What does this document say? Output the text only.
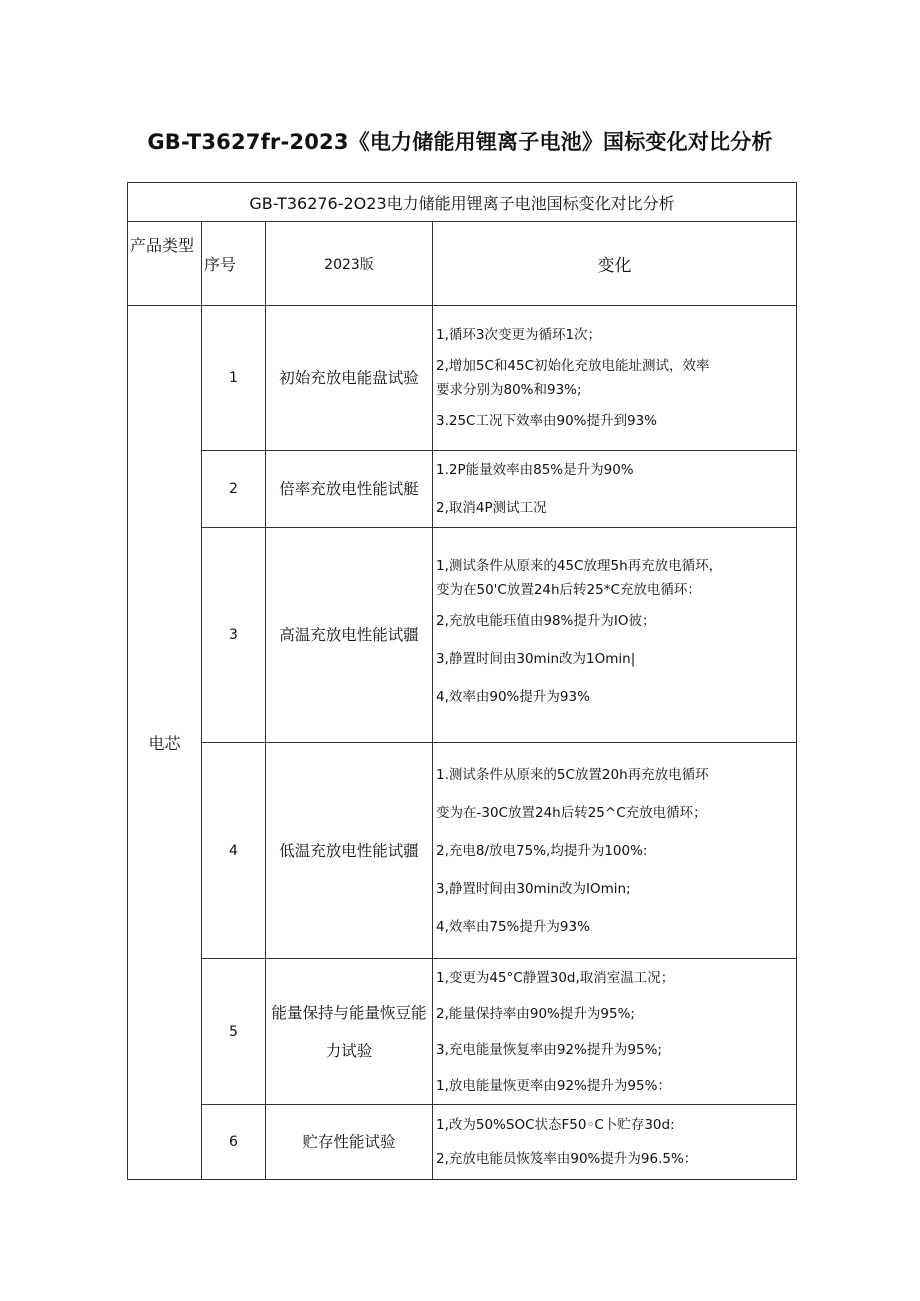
GB-T3627fr-2023《电力储能用锂离子电池》国标变化对比分析
GB-T36276-2O23电力储能用锂离子电池国标变化对比分析			
产品类型	序号	2023版	变化
电芯	1	初始充放电能盘试验	1,循环3次变更为循环1次；
2,增加5C和45C初始化充放电能址测试，效率
要求分别为80%和93%;
3.25C工况下效率由90%提升到93%

	2	倍率充放电性能试艇	1.2P能量效率由85%是升为90%
2,取消4P测试工况

	3	高温充放电性能试疆	1,测试条件从原来的45C放理5h再充放电循环，
变为在50'C放置24h后转25*C充放电循环：
2,充放电能珏值由98%提升为IO彼；
3,静置时间由30min改为1Omin|
4,效率由90%提升为93%

	4	低温充放电性能试疆	1.测试条件从原来的5C放置20h再充放电循环
变为在-30C放置24h后转25^C充放电循环；
2,充电8/放电75%,均提升为100%:
3,静置时间由30min改为IOmin;
4,效率由75%提升为93%

	5	能量保持与能量恢豆能力试验	1,变更为45°C静置30d,取消室温工况；
2,能量保持率由90%提升为95%;
3,充电能量恢复率由92%提升为95%;
1,放电能量恢更率由92%提升为95%：

	6	贮存性能试验	1,改为50%SOC状态F50◦C卜贮存30d:
2,充放电能员恢笈率由90%提升为96.5%：
